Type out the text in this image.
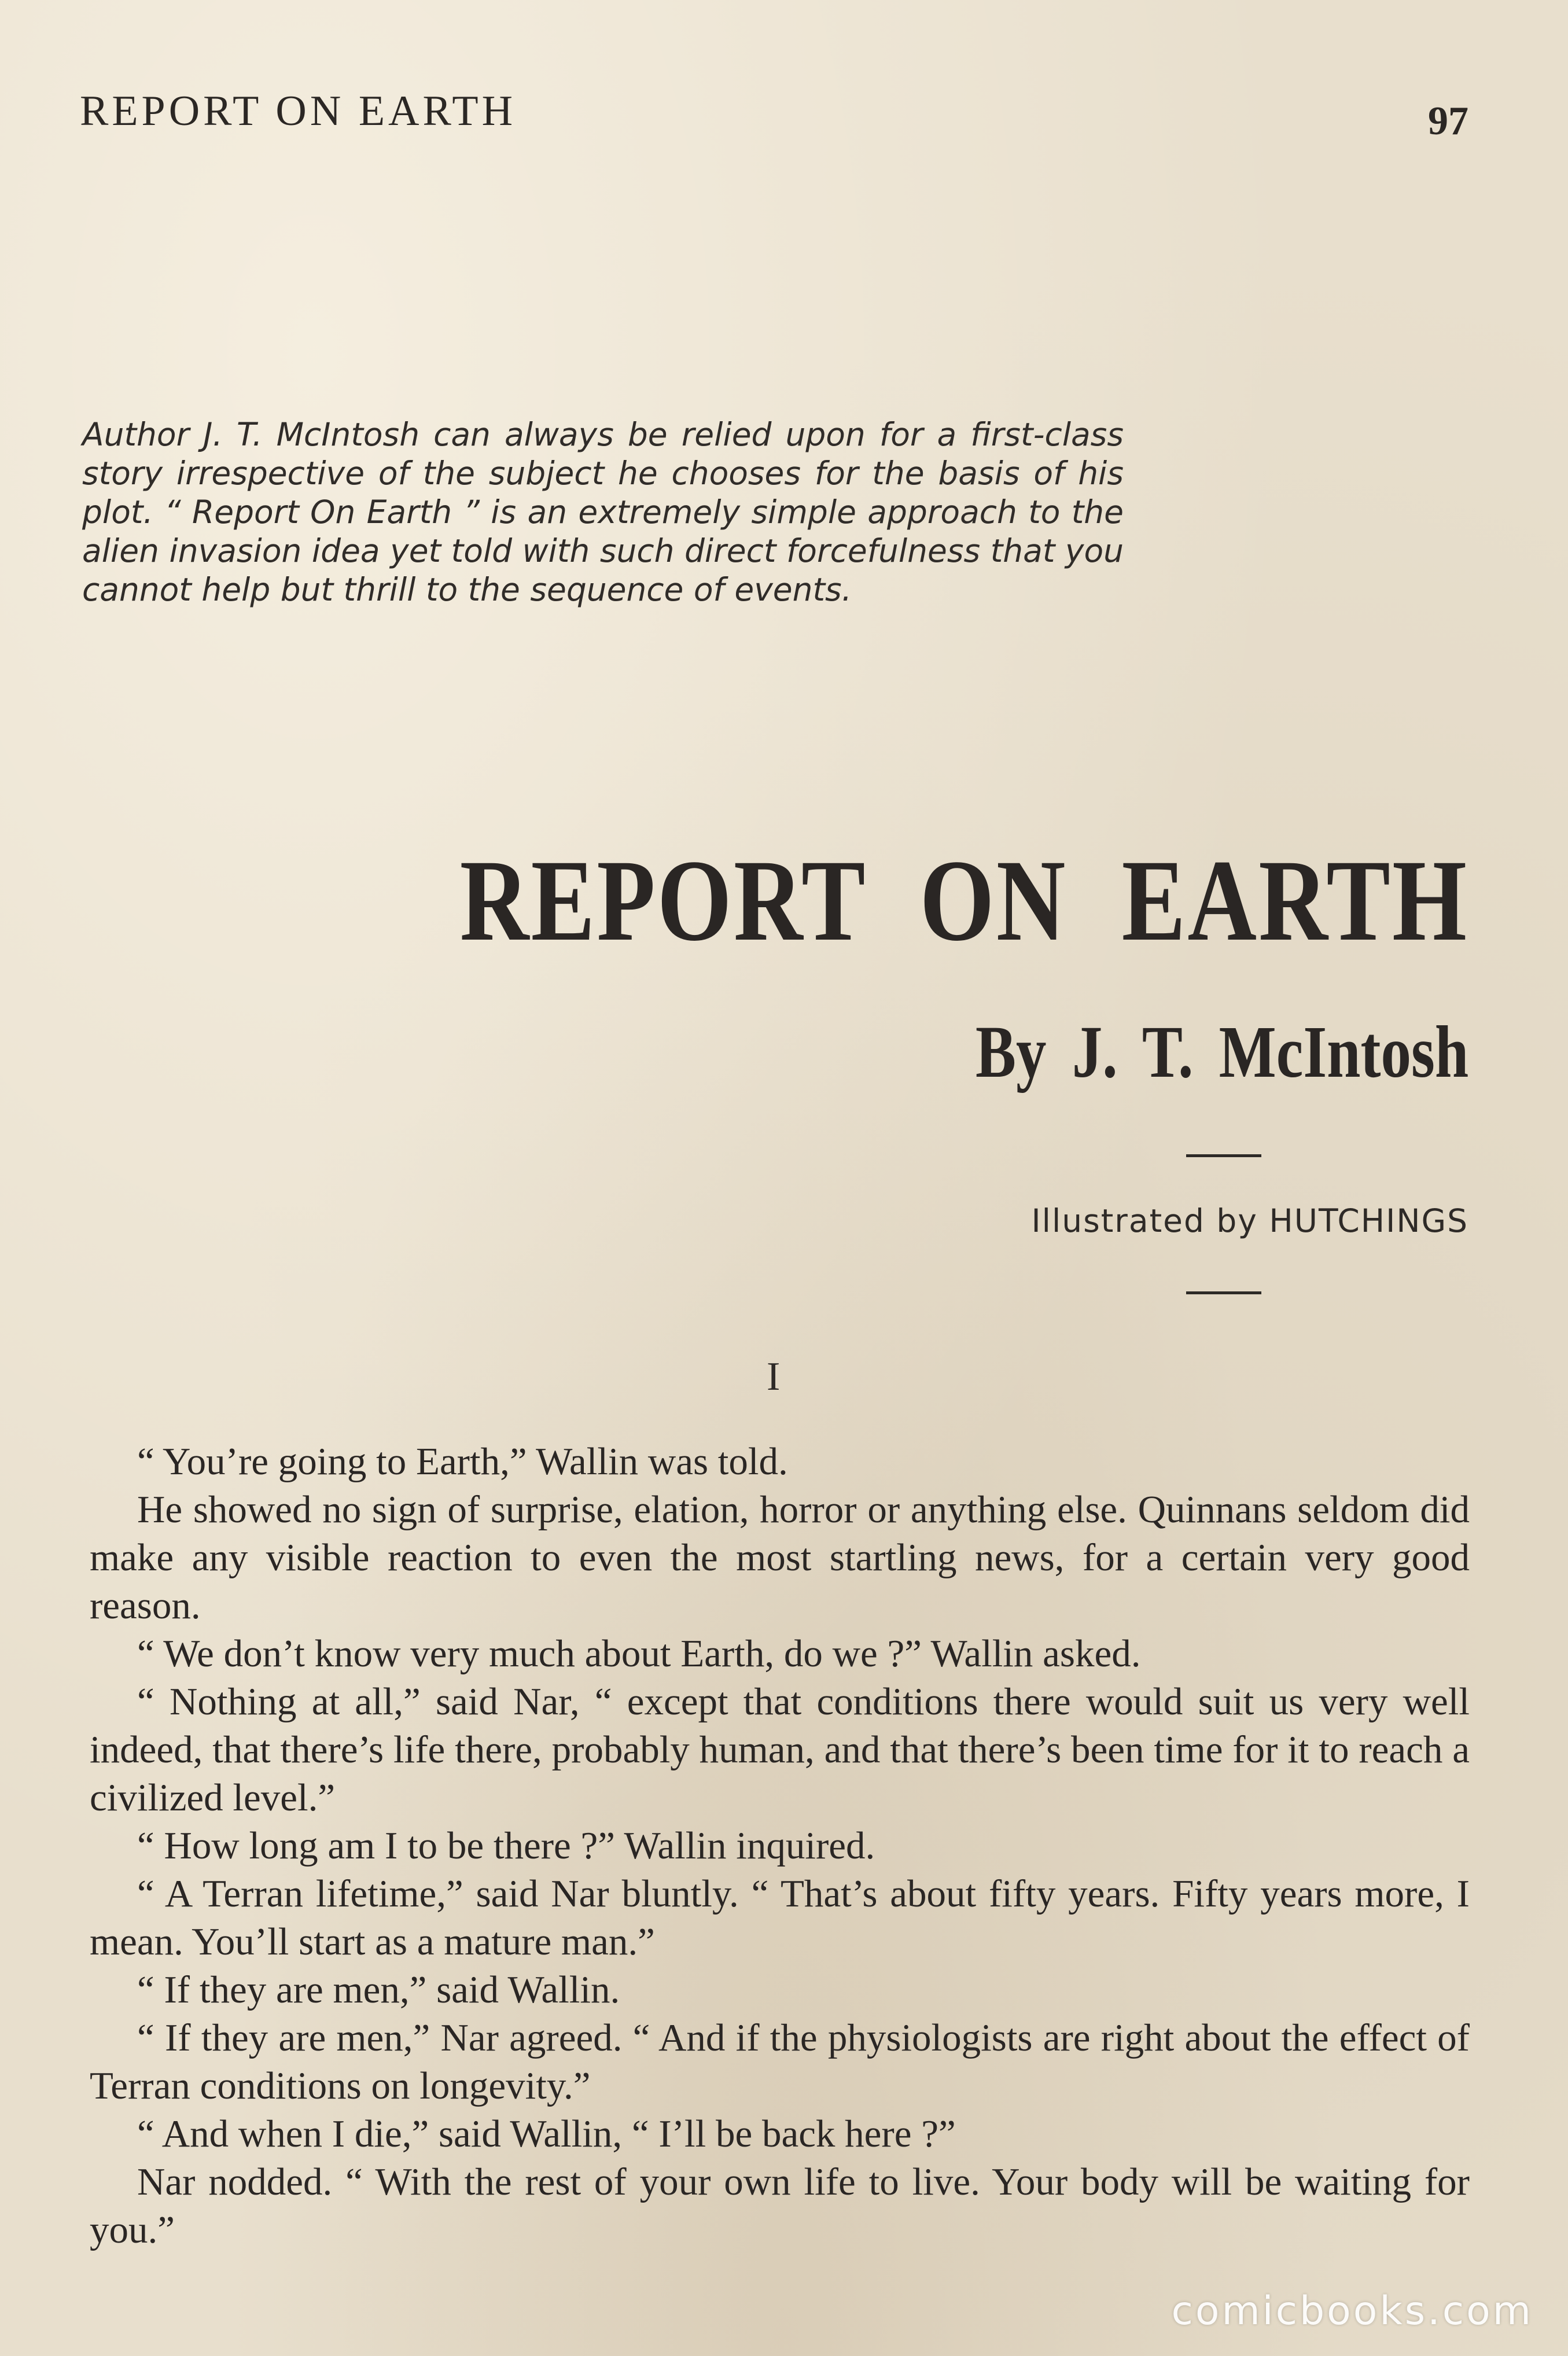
REPORT ON EARTH	97
Author J. T. McIntosh can always be relied upon for a first-class story irrespective of the subject he chooses for the basis of his plot. “ Report On Earth ” is an extremely simple approach to the alien invasion idea yet told with such direct forcefulness that you cannot help but thrill to the sequence of events.
REPORT ON EARTH
By J. T. McIntosh
Illustrated by HUTCHINGS
I

“ You’re going to Earth,” Wallin was told.

He showed no sign of surprise, elation, horror or anything else. Quinnans seldom did make any visible reaction to even the most startling news, for a certain very good reason.

“ We don’t know very much about Earth, do we ?” Wallin asked.

“ Nothing at all,” said Nar, “ except that conditions there would suit us very well indeed, that there’s life there, probably human, and that there’s been time for it to reach a civilized level.”

“ How long am I to be there ?” Wallin inquired.

“ A Terran lifetime,” said Nar bluntly. “ That’s about fifty years. Fifty years more, I mean. You’ll start as a mature man.”

“ If they are men,” said Wallin.

“ If they are men,” Nar agreed. “ And if the physiologists are right about the effect of Terran conditions on longevity.”

“ And when I die,” said Wallin, “ I’ll be back here ?”

Nar nodded. “ With the rest of your own life to live. Your body will be waiting for you.”

comicbooks.com
